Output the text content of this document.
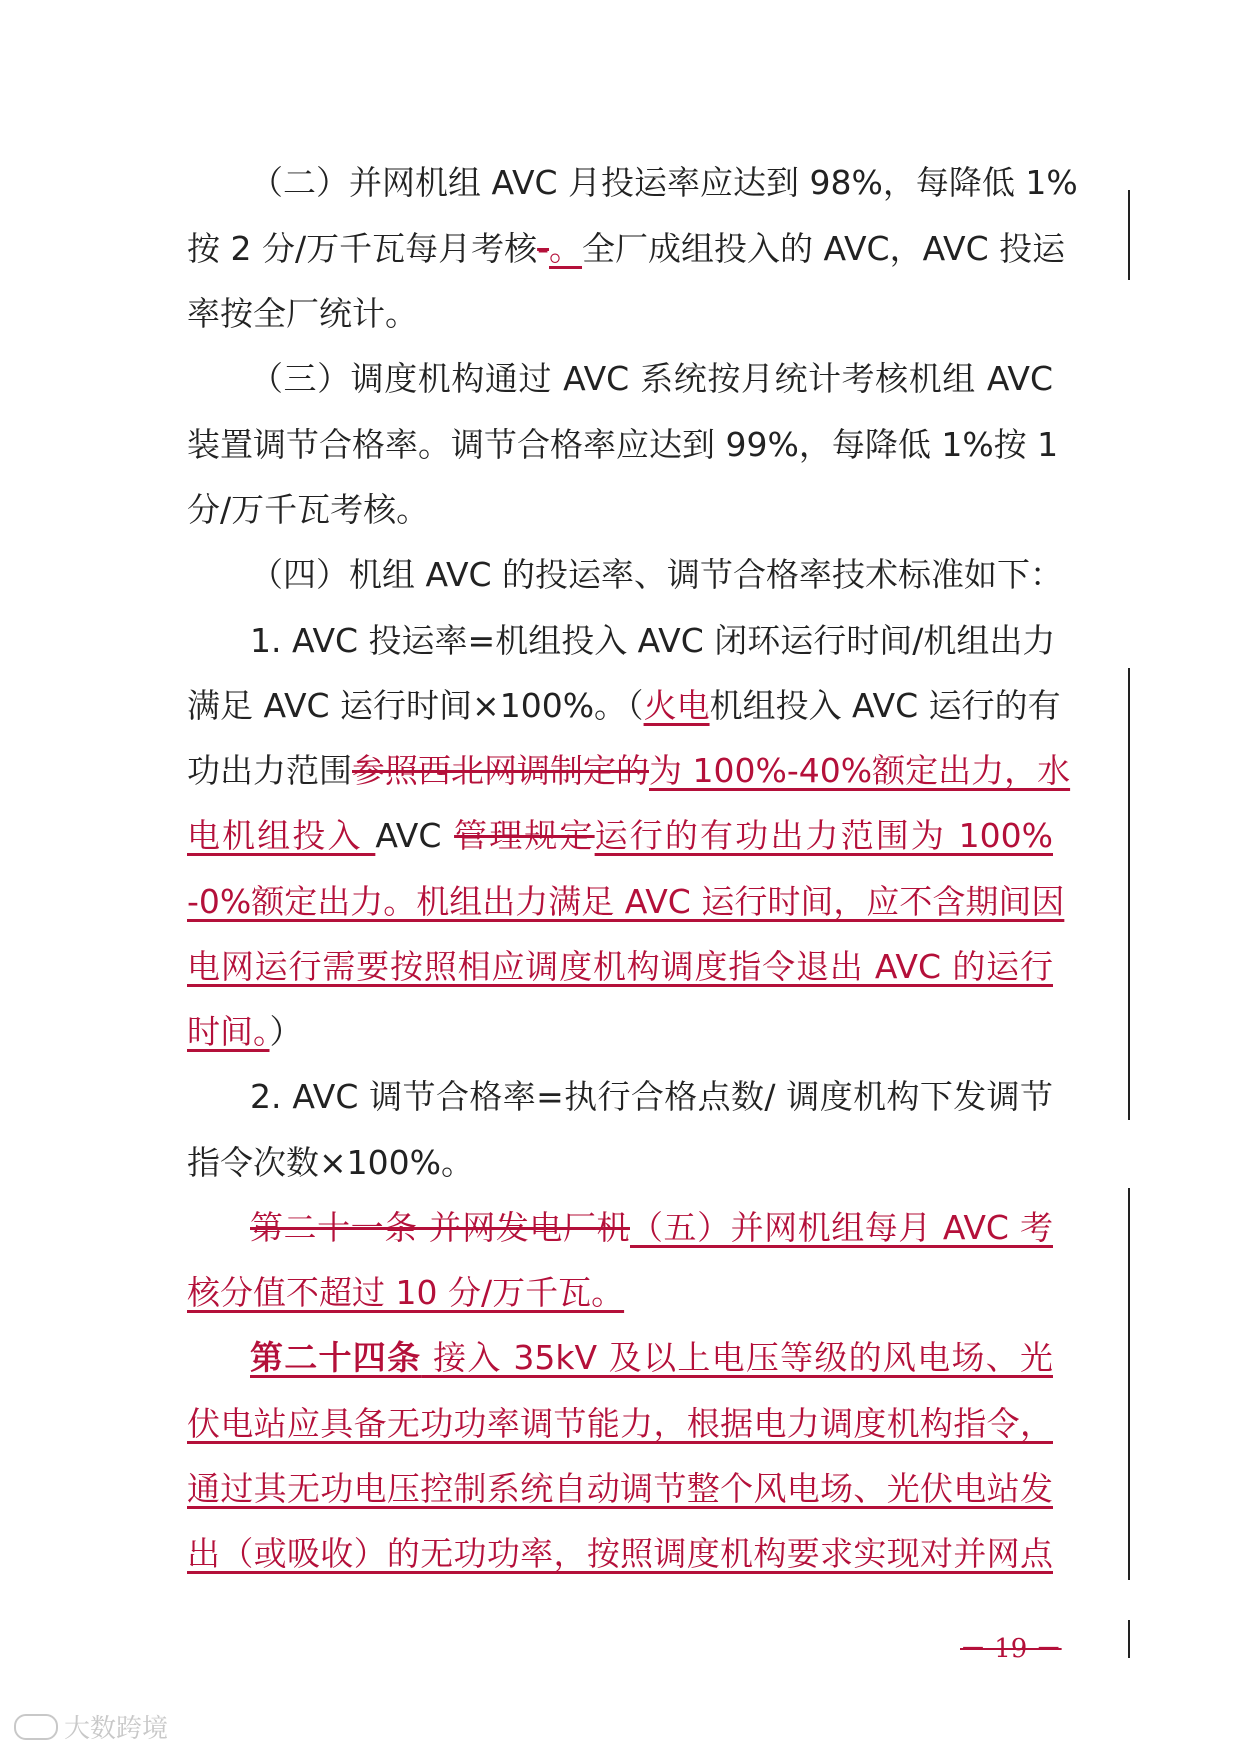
（二）并网机组 AVC 月投运率应达到 98%，每降低 1%
按 2 分/万千瓦每月考核-。全厂成组投入的 AVC，AVC 投运
率按全厂统计。
（三）调度机构通过 AVC 系统按月统计考核机组 AVC
装置调节合格率。调节合格率应达到 99%，每降低 1%按 1
分/万千瓦考核。
（四）机组 AVC 的投运率、调节合格率技术标准如下：
1. AVC 投运率=机组投入 AVC 闭环运行时间/机组出力
满足 AVC 运行时间×100%。（火电机组投入 AVC 运行的有
功出力范围参照西北网调制定的为 100%-40%额定出力，水
电机组投入 AVC 管理规定运行的有功出力范围为 100%
-0%额定出力。机组出力满足 AVC 运行时间，应不含期间因
电网运行需要按照相应调度机构调度指令退出 AVC 的运行
时间。）
2. AVC 调节合格率=执行合格点数/ 调度机构下发调节
指令次数×100%。
第二十一条 并网发电厂机（五）并网机组每月 AVC 考
核分值不超过 10 分/万千瓦。
第二十四条 接入 35kV 及以上电压等级的风电场、光
伏电站应具备无功功率调节能力，根据电力调度机构指令，
通过其无功电压控制系统自动调节整个风电场、光伏电站发
出（或吸收）的无功功率，按照调度机构要求实现对并网点
－ 19 －
大数跨境
